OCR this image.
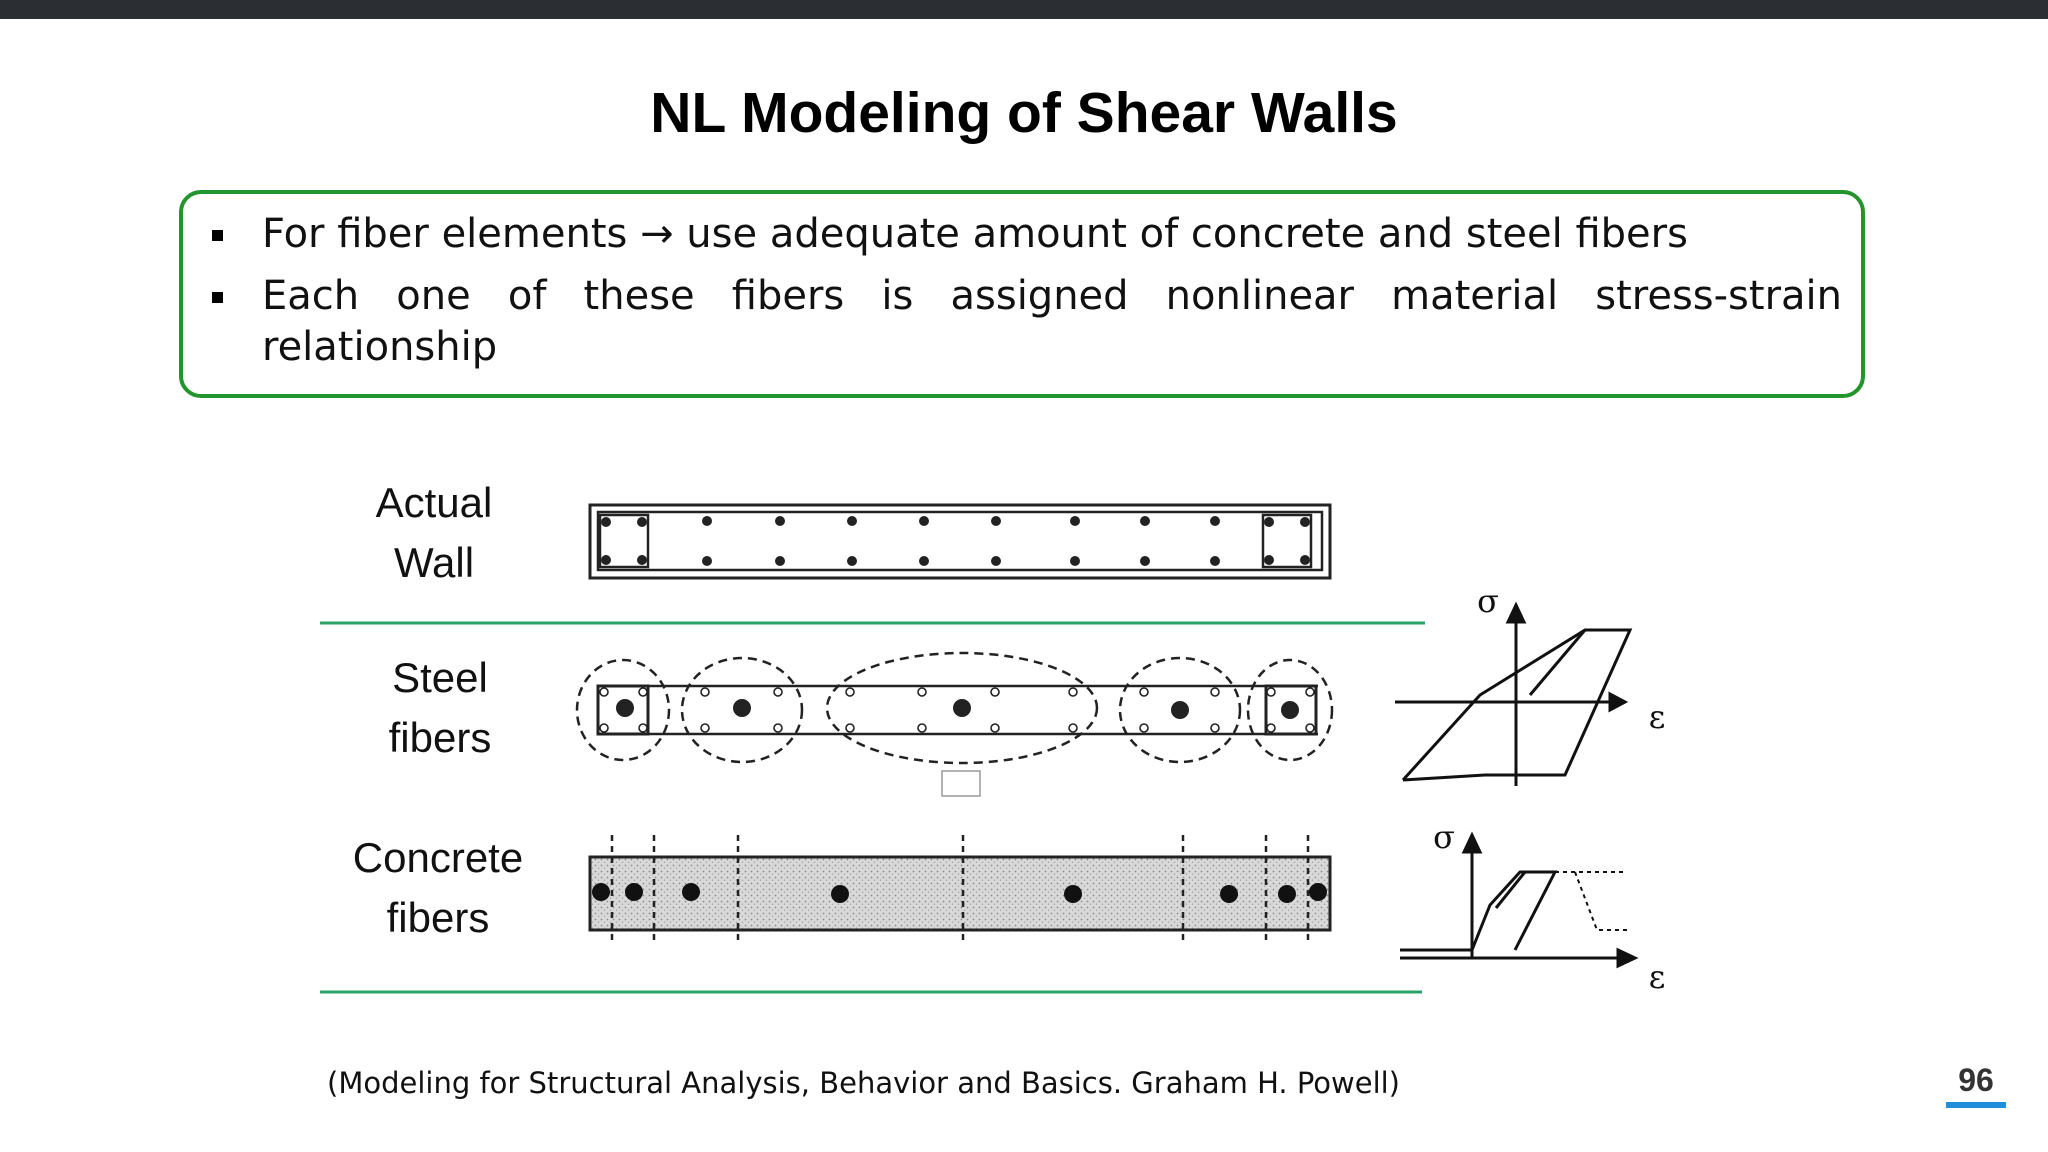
NL Modeling of Shear Walls
For fiber elements → use adequate amount of concrete and steel fibers
Each one of these fibers is assigned nonlinear material stress-strain relationship
Actual
Wall
Steel
fibers
Concrete
fibers
σ
ε
σ
ε
(Modeling for Structural Analysis, Behavior and Basics. Graham H. Powell)	96
